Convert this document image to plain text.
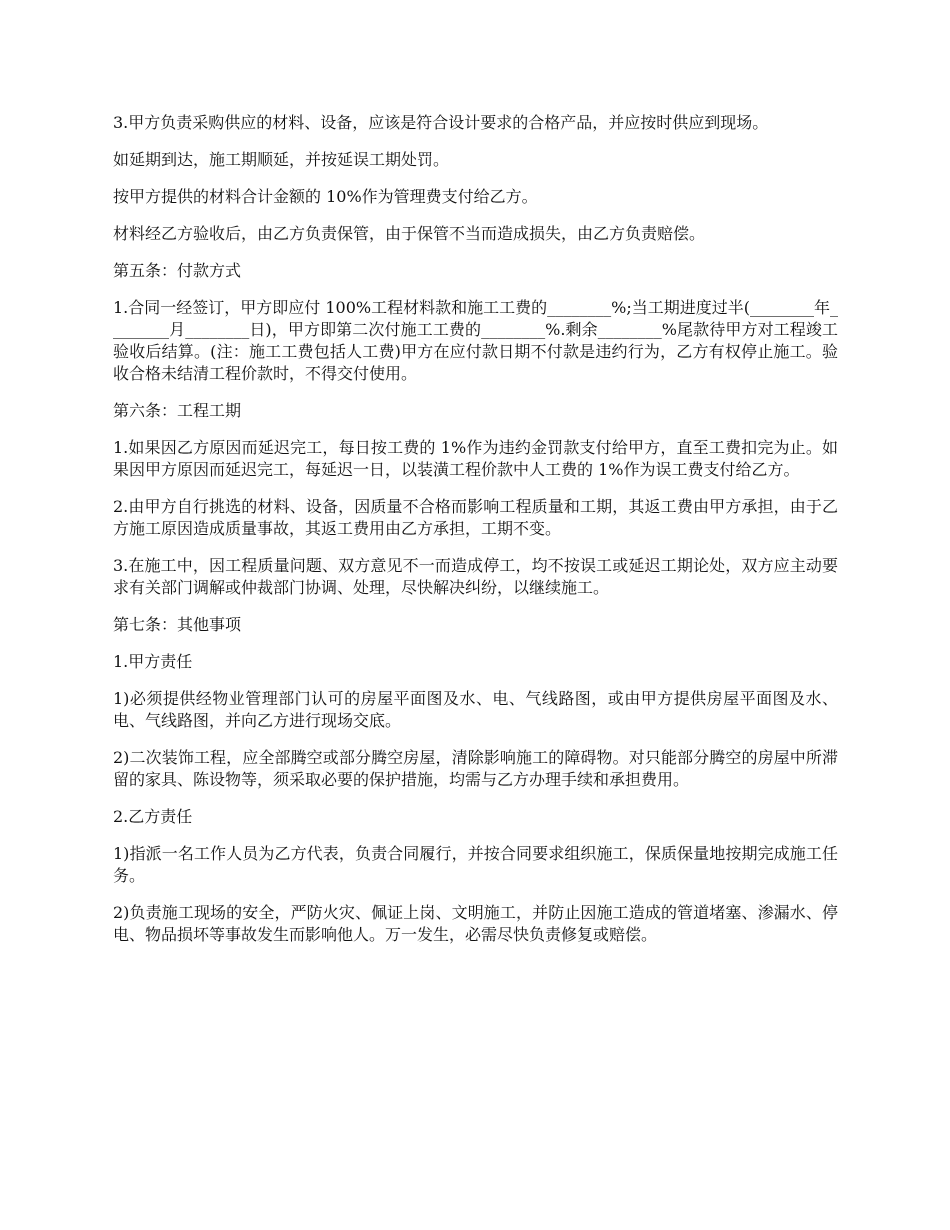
3.甲方负责采购供应的材料、设备，应该是符合设计要求的合格产品，并应按时供应到现场。

如延期到达，施工期顺延，并按延误工期处罚。

按甲方提供的材料合计金额的 10%作为管理费支付给乙方。

材料经乙方验收后，由乙方负责保管，由于保管不当而造成损失，由乙方负责赔偿。

第五条：付款方式

1.合同一经签订，甲方即应付 100%工程材料款和施工工费的________%;当工期进度过半(________年________月________日)，甲方即第二次付施工工费的________%.剩余________%尾款待甲方对工程竣工验收后结算。(注：施工工费包括人工费)甲方在应付款日期不付款是违约行为，乙方有权停止施工。验收合格未结清工程价款时，不得交付使用。

第六条：工程工期

1.如果因乙方原因而延迟完工，每日按工费的 1%作为违约金罚款支付给甲方，直至工费扣完为止。如果因甲方原因而延迟完工，每延迟一日，以装潢工程价款中人工费的 1%作为误工费支付给乙方。

2.由甲方自行挑选的材料、设备，因质量不合格而影响工程质量和工期，其返工费由甲方承担，由于乙方施工原因造成质量事故，其返工费用由乙方承担，工期不变。

3.在施工中，因工程质量问题、双方意见不一而造成停工，均不按误工或延迟工期论处，双方应主动要求有关部门调解或仲裁部门协调、处理，尽快解决纠纷，以继续施工。

第七条：其他事项

1.甲方责任

1)必须提供经物业管理部门认可的房屋平面图及水、电、气线路图，或由甲方提供房屋平面图及水、电、气线路图，并向乙方进行现场交底。

2)二次装饰工程，应全部腾空或部分腾空房屋，清除影响施工的障碍物。对只能部分腾空的房屋中所滞留的家具、陈设物等，须采取必要的保护措施，均需与乙方办理手续和承担费用。

2.乙方责任

1)指派一名工作人员为乙方代表，负责合同履行，并按合同要求组织施工，保质保量地按期完成施工任务。

2)负责施工现场的安全，严防火灾、佩证上岗、文明施工，并防止因施工造成的管道堵塞、渗漏水、停电、物品损坏等事故发生而影响他人。万一发生，必需尽快负责修复或赔偿。
